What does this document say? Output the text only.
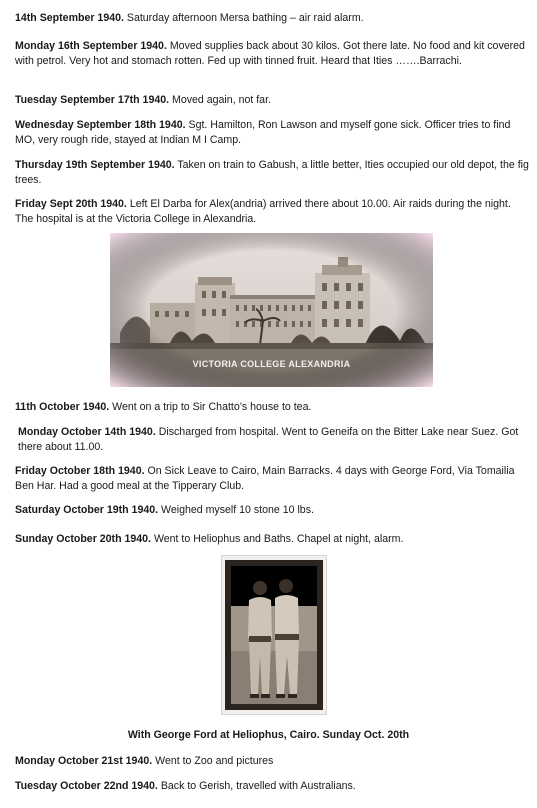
14th September 1940. Saturday afternoon Mersa bathing – air raid alarm.
Monday 16th September 1940. Moved supplies back about 30 kilos. Got there late. No food and kit covered with petrol. Very hot and stomach rotten. Fed up with tinned fruit. Heard that Ities …….Barrachi.
Tuesday September 17th 1940. Moved again, not far.
Wednesday September 18th 1940. Sgt. Hamilton, Ron Lawson and myself gone sick. Officer tries to find MO, very rough ride, stayed at Indian M I Camp.
Thursday 19th September 1940. Taken on train to Gabush, a little better, Ities occupied our old depot, the fig trees.
Friday Sept 20th 1940. Left El Darba for Alex(andria) arrived there about 10.00. Air raids during the night. The hospital is at the Victoria College in Alexandria.
VICTORIA COLLEGE ALEXANDRIA
11th October 1940. Went on a trip to Sir Chatto’s house to tea.
Monday October 14th 1940. Discharged from hospital. Went to Geneifa on the Bitter Lake near Suez. Got there about 11.00.
Friday October 18th 1940. On Sick Leave to Cairo, Main Barracks. 4 days with George Ford, Via Tomailia Ben Har. Had a good meal at the Tipperary Club.
Saturday October 19th 1940. Weighed myself 10 stone 10 lbs.
Sunday October 20th 1940. Went to Heliophus and Baths. Chapel at night, alarm.
With George Ford at Heliophus, Cairo. Sunday Oct. 20th
Monday October 21st 1940. Went to Zoo and pictures
Tuesday October 22nd 1940. Back to Gerish, travelled with Australians.
